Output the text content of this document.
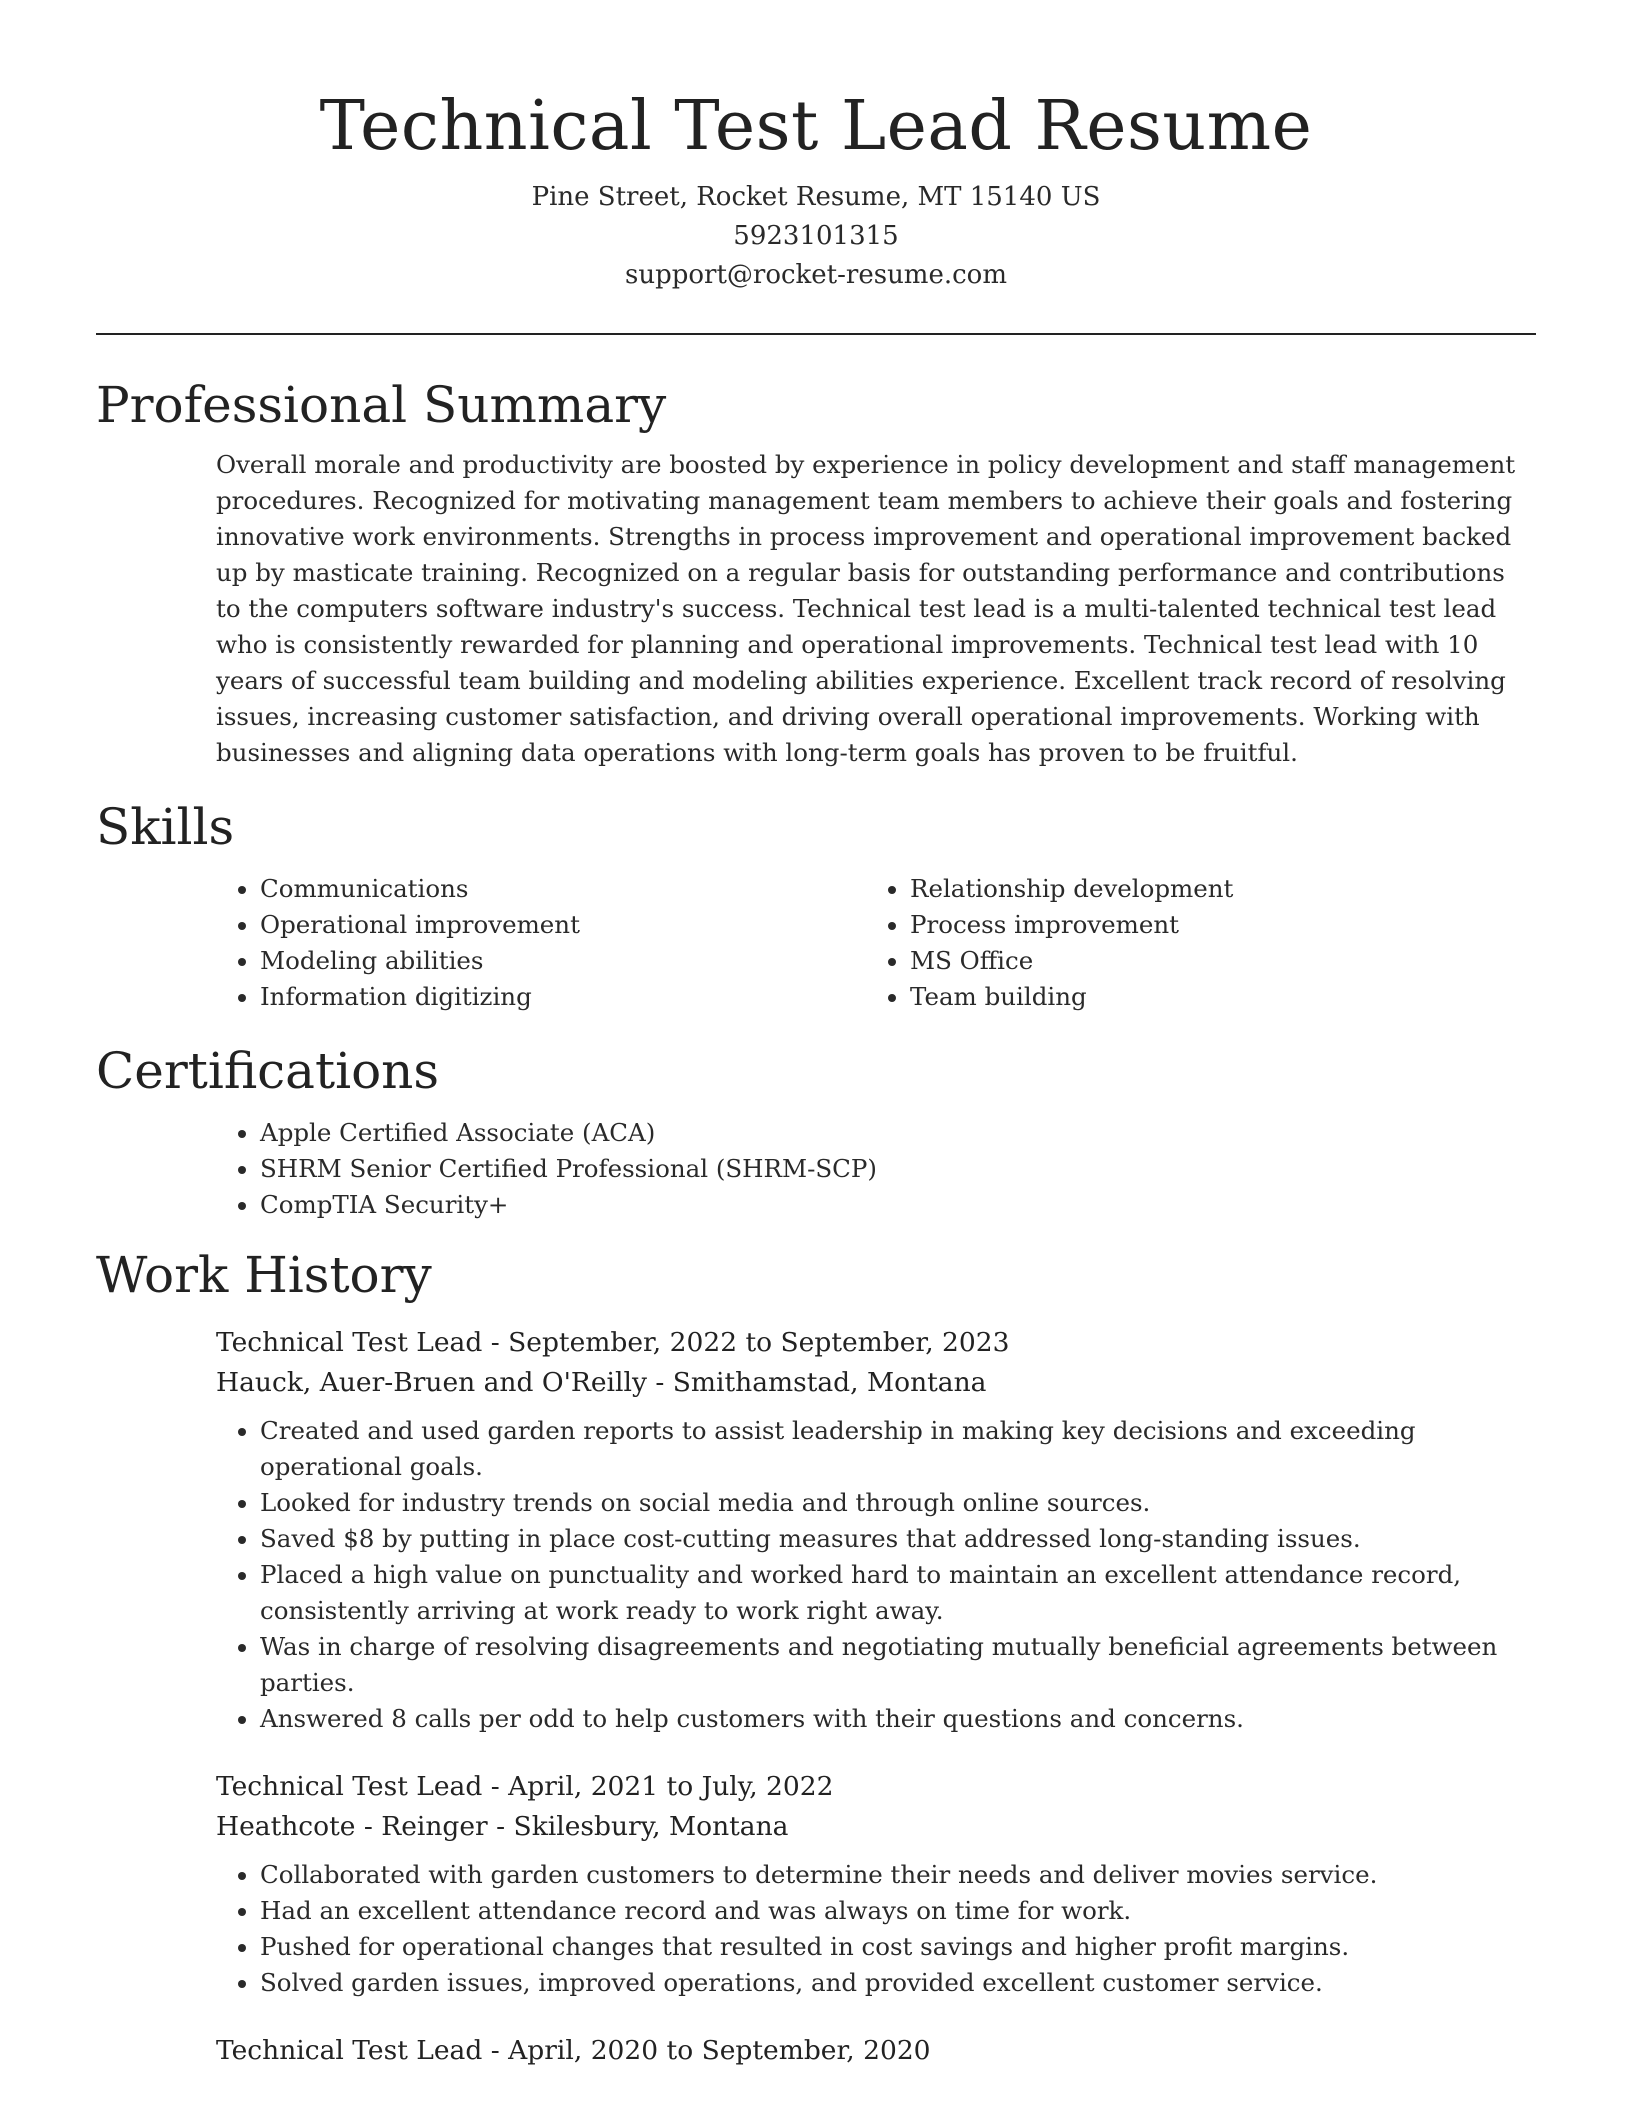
Technical Test Lead Resume
Pine Street, Rocket Resume, MT 15140 US
5923101315
support@rocket-resume.com
Professional Summary

Overall morale and productivity are boosted by experience in policy development and staff management procedures. Recognized for motivating management team members to achieve their goals and fostering innovative work environments. Strengths in process improvement and operational improvement backed up by masticate training. Recognized on a regular basis for outstanding performance and contributions to the computers software industry's success. Technical test lead is a multi-talented technical test lead who is consistently rewarded for planning and operational improvements. Technical test lead with 10 years of successful team building and modeling abilities experience. Excellent track record of resolving issues, increasing customer satisfaction, and driving overall operational improvements. Working with businesses and aligning data operations with long-term goals has proven to be fruitful.

Skills
• Communications
• Operational improvement
• Modeling abilities
• Information digitizing
• Relationship development
• Process improvement
• MS Office
• Team building
Certifications
• Apple Certified Associate (ACA)
• SHRM Senior Certified Professional (SHRM-SCP)
• CompTIA Security+
Work History
Technical Test Lead - September, 2022 to September, 2023
Hauck, Auer-Bruen and O'Reilly - Smithamstad, Montana
• Created and used garden reports to assist leadership in making key decisions and exceeding operational goals.
• Looked for industry trends on social media and through online sources.
• Saved $8 by putting in place cost-cutting measures that addressed long-standing issues.
• Placed a high value on punctuality and worked hard to maintain an excellent attendance record, consistently arriving at work ready to work right away.
• Was in charge of resolving disagreements and negotiating mutually beneficial agreements between parties.
• Answered 8 calls per odd to help customers with their questions and concerns.
Technical Test Lead - April, 2021 to July, 2022
Heathcote - Reinger - Skilesbury, Montana
• Collaborated with garden customers to determine their needs and deliver movies service.
• Had an excellent attendance record and was always on time for work.
• Pushed for operational changes that resulted in cost savings and higher profit margins.
• Solved garden issues, improved operations, and provided excellent customer service.
Technical Test Lead - April, 2020 to September, 2020
